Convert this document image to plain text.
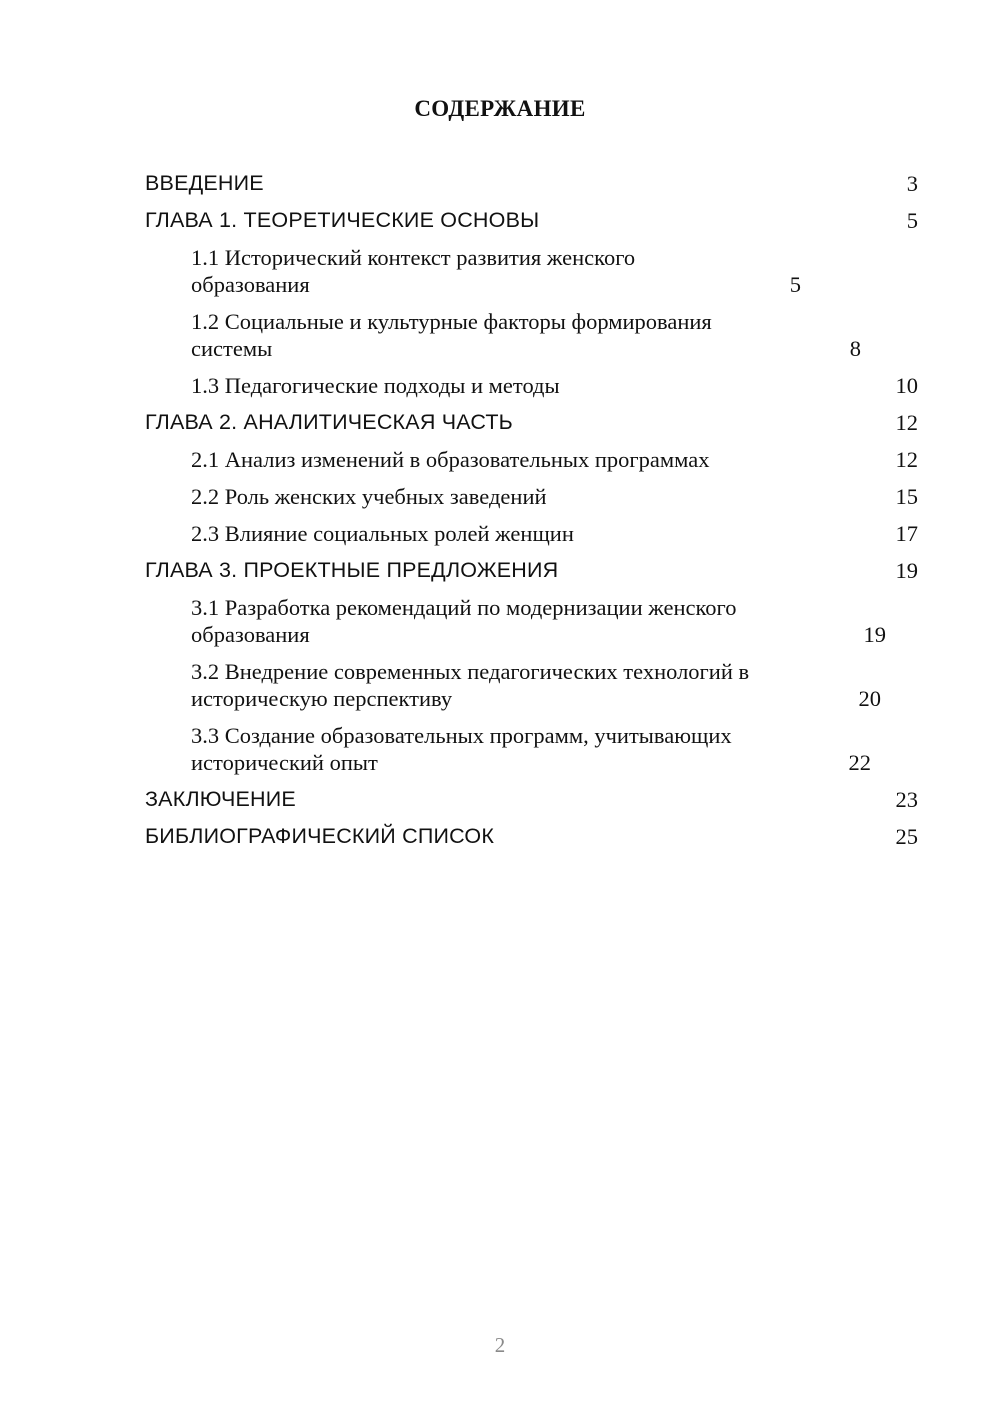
СОДЕРЖАНИЕ
ВВЕДЕНИЕ	3
ГЛАВА 1. ТЕОРЕТИЧЕСКИЕ ОСНОВЫ	5
1.1 Исторический контекст развития женского образования	5
1.2 Социальные и культурные факторы формирования системы	8
1.3 Педагогические подходы и методы	10
ГЛАВА 2. АНАЛИТИЧЕСКАЯ ЧАСТЬ	12
2.1 Анализ изменений в образовательных программах	12
2.2 Роль женских учебных заведений	15
2.3 Влияние социальных ролей женщин	17
ГЛАВА 3. ПРОЕКТНЫЕ ПРЕДЛОЖЕНИЯ	19
3.1 Разработка рекомендаций по модернизации женского образования	19
3.2 Внедрение современных педагогических технологий в историческую перспективу	20
3.3 Создание образовательных программ, учитывающих исторический опыт	22
ЗАКЛЮЧЕНИЕ	23
БИБЛИОГРАФИЧЕСКИЙ СПИСОК	25
2
